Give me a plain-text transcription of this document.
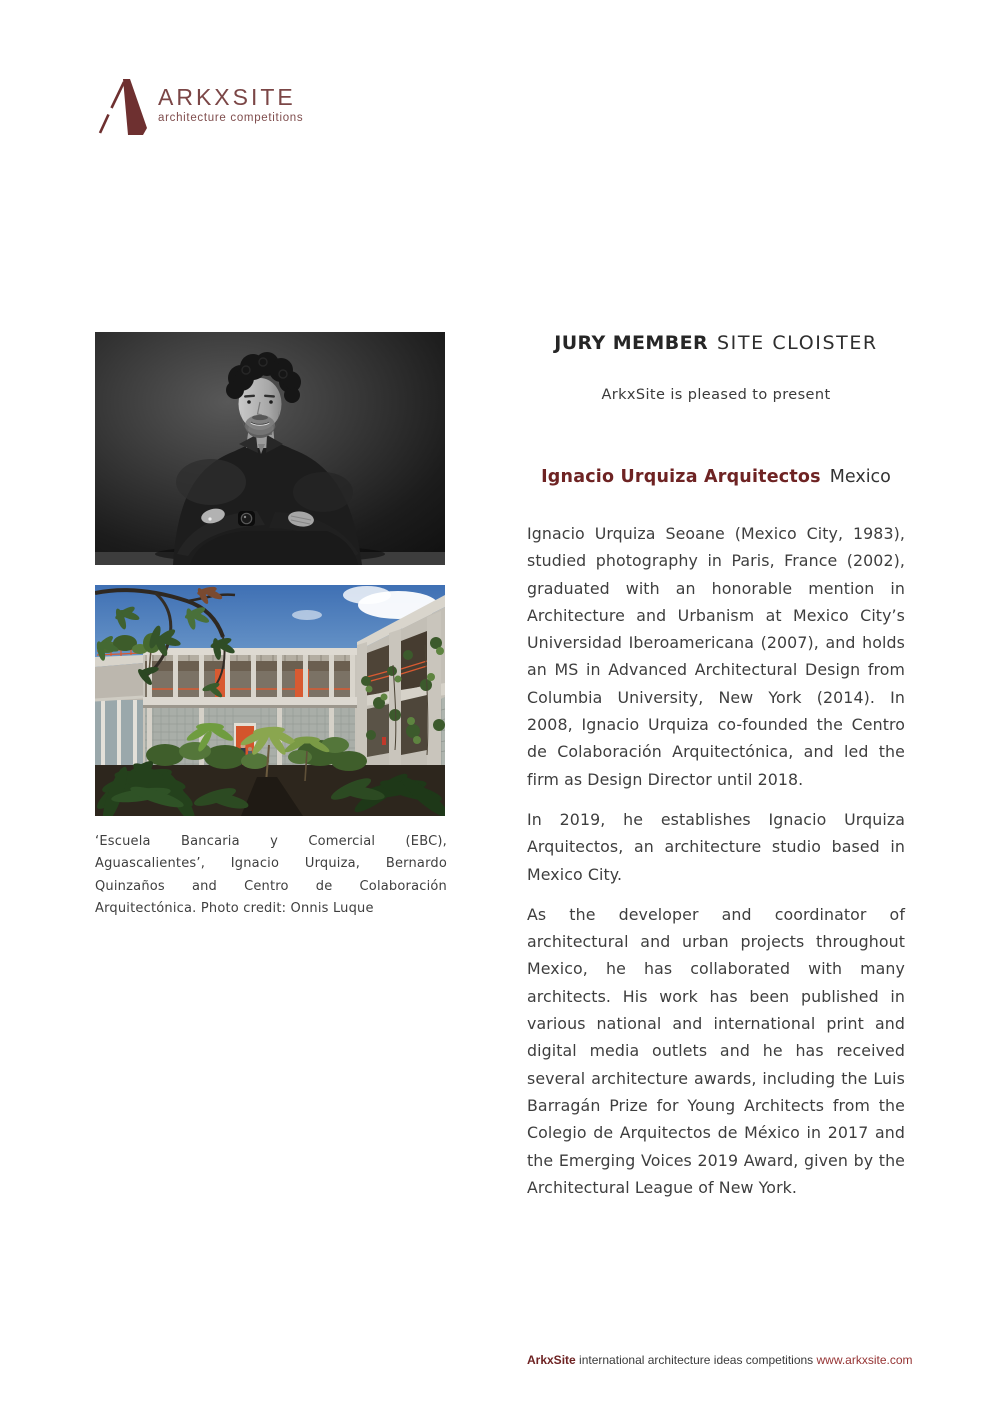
ARKXSITE
architecture competitions
‘Escuela Bancaria y Comercial (EBC), Aguascalientes’, Ignacio Urquiza, Bernardo Quinzaños and Centro de Colaboración Arquitectónica. Photo credit: Onnis Luque
JURY MEMBER SITE CLOISTER
ArkxSite is pleased to present
Ignacio Urquiza Arquitectos Mexico

Ignacio Urquiza Seoane (Mexico City, 1983), studied photography in Paris, France (2002), graduated with an honorable mention in Architecture and Urbanism at Mexico City’s Universidad Iberoamericana (2007), and holds an MS in Advanced Architectural Design from Columbia University, New York (2014). In 2008, Ignacio Urquiza co-founded the Centro de Colaboración Arquitectónica, and led the firm as Design Director until 2018.

In 2019, he establishes Ignacio Urquiza Arquitectos, an architecture studio based in Mexico City.

As the developer and coordinator of architectural and urban projects throughout Mexico, he has collaborated with many architects. His work has been published in various national and international print and digital media outlets and he has received several architecture awards, including the Luis Barragán Prize for Young Architects from the Colegio de Arquitectos de México in 2017 and the Emerging Voices 2019 Award, given by the Architectural League of New York.

ArkxSite international architecture ideas competitions www.arkxsite.com
